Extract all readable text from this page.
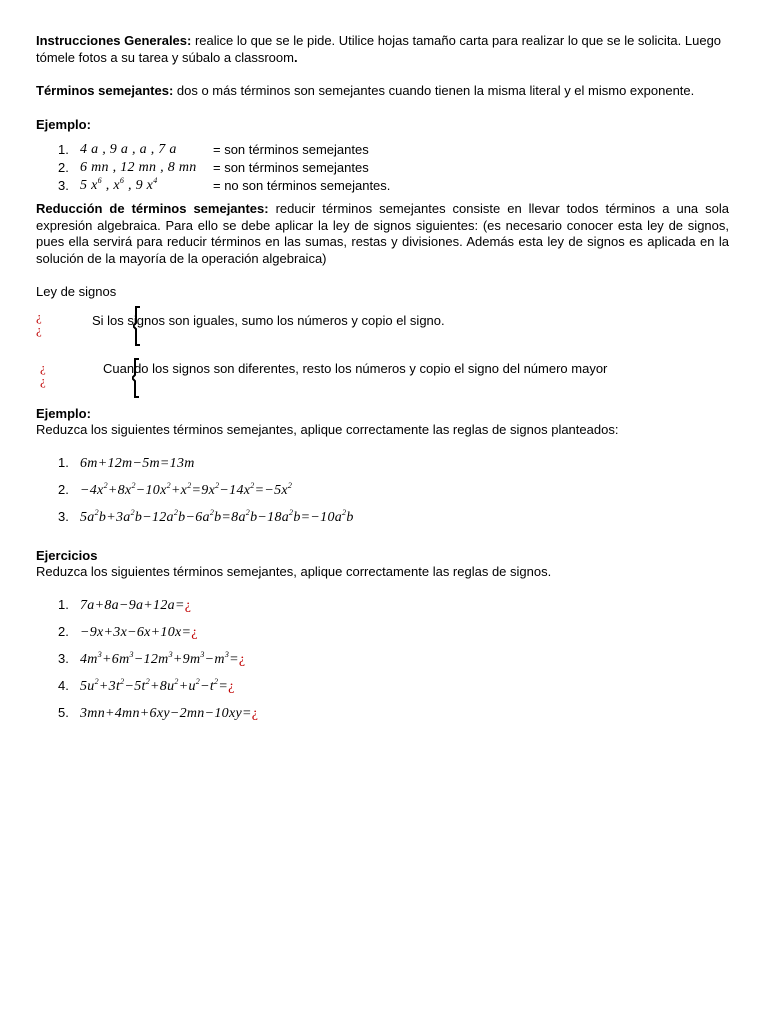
Instrucciones Generales: realice lo que se le pide. Utilice hojas tamaño carta para realizar lo que se le solicita. Luego tómele fotos a su tarea y súbalo a classroom.

Términos semejantes: dos o más términos son semejantes cuando tienen la misma literal y el mismo exponente.

Ejemplo:

1. 4 a , 9 a , a , 7 a	= son términos semejantes
2. 6 mn , 12 mn , 8 mn	= son términos semejantes
3. 5 $x^6$ , $x^6$ , 9 $x^4$	= no son términos semejantes.

Reducción de términos semejantes: reducir términos semejantes consiste en llevar todos términos a una sola expresión algebraica. Para ello se debe aplicar la ley de signos siguientes: (es necesario conocer esta ley de signos, pues ella servirá para reducir términos en las sumas, restas y divisiones. Además esta ley de signos es aplicada en la solución de la mayoría de la operación algebraica)

Ley de signos

¿
¿
Si los signos son iguales, sumo los números y copio el signo.
¿
¿
Cuando los signos son diferentes, resto los números y copio el signo del número mayor

Ejemplo:

Reduzca los siguientes términos semejantes, aplique correctamente las reglas de signos planteados:

1. 6m+12m−5m=13m
2. $-4x^2+8x^2-10x^2+x^2=9x^2-14x^2=-5x^2$
3. $5a^2b+3a^2b-12a^2b-6a^2b=8a^2b-18a^2b=-10a^2b$

Ejercicios

Reduzca los siguientes términos semejantes, aplique correctamente las reglas de signos.

1. 7a+8a−9a+12a=¿
2. −9x+3x−6x+10x=¿
3. $4m^3+6m^3-12m^3+9m^3-m^3=¿$
4. $5u^2+3t^2-5t^2+8u^2+u^2-t^2=¿$
5. 3mn+4mn+6xy−2mn−10xy=¿
